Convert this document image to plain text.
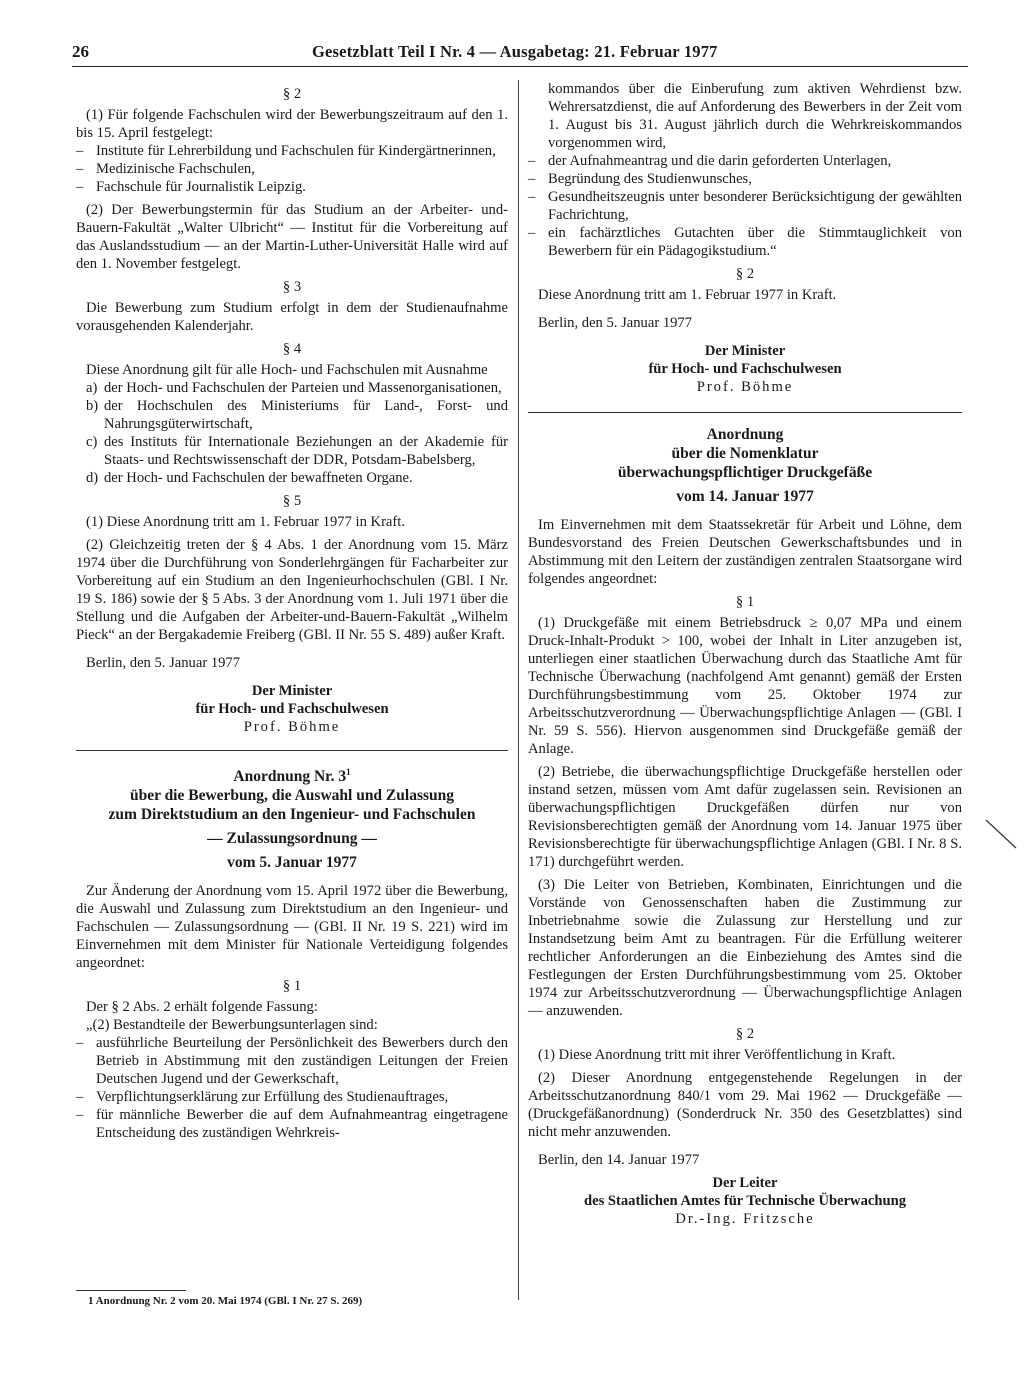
26	Gesetzblatt Teil I Nr. 4 — Ausgabetag: 21. Februar 1977
§ 2

(1) Für folgende Fachschulen wird der Bewerbungszeitraum auf den 1. bis 15. April festgelegt:

– Institute für Lehrerbildung und Fachschulen für Kindergärtnerinnen,
– Medizinische Fachschulen,
– Fachschule für Journalistik Leipzig.

(2) Der Bewerbungstermin für das Studium an der Arbeiter- und-Bauern-Fakultät „Walter Ulbricht“ — Institut für die Vorbereitung auf das Auslandsstudium — an der Martin-Luther-Universität Halle wird auf den 1. November festgelegt.

§ 3

Die Bewerbung zum Studium erfolgt in dem der Studienaufnahme vorausgehenden Kalenderjahr.

§ 4

Diese Anordnung gilt für alle Hoch- und Fachschulen mit Ausnahme

a) der Hoch- und Fachschulen der Parteien und Massenorganisationen,
b) der Hochschulen des Ministeriums für Land-, Forst- und Nahrungsgüterwirtschaft,
c) des Instituts für Internationale Beziehungen an der Akademie für Staats- und Rechtswissenschaft der DDR, Potsdam-Babelsberg,
d) der Hoch- und Fachschulen der bewaffneten Organe.
§ 5

(1) Diese Anordnung tritt am 1. Februar 1977 in Kraft.

(2) Gleichzeitig treten der § 4 Abs. 1 der Anordnung vom 15. März 1974 über die Durchführung von Sonderlehrgängen für Facharbeiter zur Vorbereitung auf ein Studium an den Ingenieurhochschulen (GBl. I Nr. 19 S. 186) sowie der § 5 Abs. 3 der Anordnung vom 1. Juli 1971 über die Stellung und die Aufgaben der Arbeiter-und-Bauern-Fakultät „Wilhelm Pieck“ an der Bergakademie Freiberg (GBl. II Nr. 55 S. 489) außer Kraft.

Berlin, den 5. Januar 1977

Der Minister
für Hoch- und Fachschulwesen
Prof. Böhme
Anordnung Nr. $3^1$
über die Bewerbung, die Auswahl und Zulassung
zum Direktstudium an den Ingenieur- und Fachschulen
— Zulassungsordnung —
vom 5. Januar 1977

Zur Änderung der Anordnung vom 15. April 1972 über die Bewerbung, die Auswahl und Zulassung zum Direktstudium an den Ingenieur- und Fachschulen — Zulassungsordnung — (GBl. II Nr. 19 S. 221) wird im Einvernehmen mit dem Minister für Nationale Verteidigung folgendes angeordnet:

§ 1

Der § 2 Abs. 2 erhält folgende Fassung:

„(2) Bestandteile der Bewerbungsunterlagen sind:

– ausführliche Beurteilung der Persönlichkeit des Bewerbers durch den Betrieb in Abstimmung mit den zuständigen Leitungen der Freien Deutschen Jugend und der Gewerkschaft,
– Verpflichtungserklärung zur Erfüllung des Studienauftrages,
– für männliche Bewerber die auf dem Aufnahmeantrag eingetragene Entscheidung des zuständigen Wehrkreis-
1 Anordnung Nr. 2 vom 20. Mai 1974 (GBl. I Nr. 27 S. 269)

kommandos über die Einberufung zum aktiven Wehrdienst bzw. Wehrersatzdienst, die auf Anforderung des Bewerbers in der Zeit vom 1. August bis 31. August jährlich durch die Wehrkreiskommandos vorgenommen wird,

– der Aufnahmeantrag und die darin geforderten Unterlagen,
– Begründung des Studienwunsches,
– Gesundheitszeugnis unter besonderer Berücksichtigung der gewählten Fachrichtung,
– ein fachärztliches Gutachten über die Stimmtauglichkeit von Bewerbern für ein Pädagogikstudium.“
§ 2

Diese Anordnung tritt am 1. Februar 1977 in Kraft.

Berlin, den 5. Januar 1977

Der Minister
für Hoch- und Fachschulwesen
Prof. Böhme
Anordnung
über die Nomenklatur
überwachungspflichtiger Druckgefäße
vom 14. Januar 1977

Im Einvernehmen mit dem Staatssekretär für Arbeit und Löhne, dem Bundesvorstand des Freien Deutschen Gewerkschaftsbundes und in Abstimmung mit den Leitern der zuständigen zentralen Staatsorgane wird folgendes angeordnet:

§ 1

(1) Druckgefäße mit einem Betriebsdruck ≥ 0,07 MPa und einem Druck-Inhalt-Produkt > 100, wobei der Inhalt in Liter anzugeben ist, unterliegen einer staatlichen Überwachung durch das Staatliche Amt für Technische Überwachung (nachfolgend Amt genannt) gemäß der Ersten Durchführungsbestimmung vom 25. Oktober 1974 zur Arbeitsschutzverordnung — Überwachungspflichtige Anlagen — (GBl. I Nr. 59 S. 556). Hiervon ausgenommen sind Druckgefäße gemäß der Anlage.

(2) Betriebe, die überwachungspflichtige Druckgefäße herstellen oder instand setzen, müssen vom Amt dafür zugelassen sein. Revisionen an überwachungspflichtigen Druckgefäßen dürfen nur von Revisionsberechtigten gemäß der Anordnung vom 14. Januar 1975 über Revisionsberechtigte für überwachungspflichtige Anlagen (GBl. I Nr. 8 S. 171) durchgeführt werden.

(3) Die Leiter von Betrieben, Kombinaten, Einrichtungen und die Vorstände von Genossenschaften haben die Zustimmung zur Inbetriebnahme sowie die Zulassung zur Herstellung und zur Instandsetzung beim Amt zu beantragen. Für die Erfüllung weiterer rechtlicher Anforderungen an die Einbeziehung des Amtes sind die Festlegungen der Ersten Durchführungsbestimmung vom 25. Oktober 1974 zur Arbeitsschutzverordnung — Überwachungspflichtige Anlagen — anzuwenden.

§ 2

(1) Diese Anordnung tritt mit ihrer Veröffentlichung in Kraft.

(2) Dieser Anordnung entgegenstehende Regelungen in der Arbeitsschutzanordnung 840/1 vom 29. Mai 1962 — Druckgefäße — (Druckgefäßanordnung) (Sonderdruck Nr. 350 des Gesetzblattes) sind nicht mehr anzuwenden.

Berlin, den 14. Januar 1977

Der Leiter
des Staatlichen Amtes für Technische Überwachung
Dr.-Ing. Fritzsche
